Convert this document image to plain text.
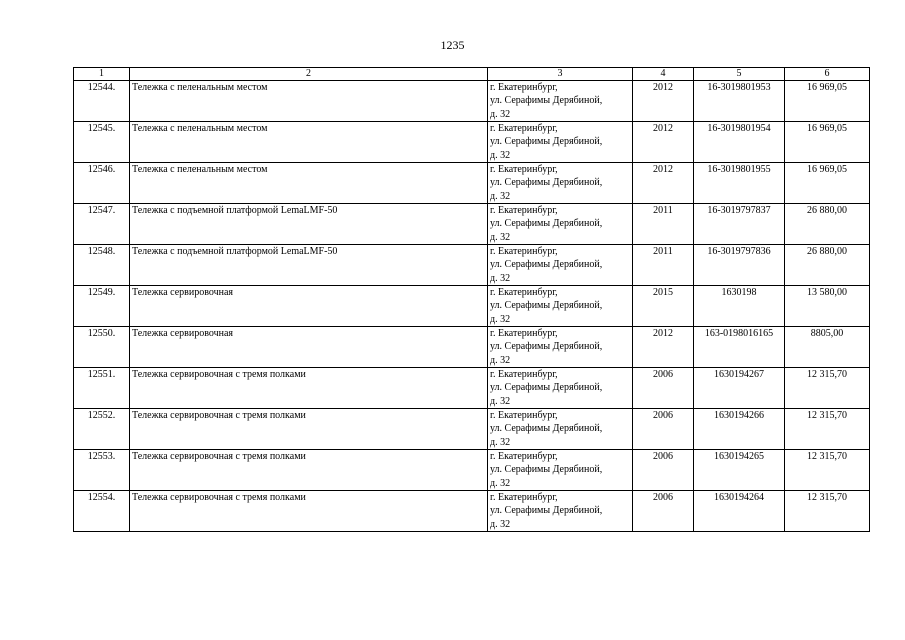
1235
1	2	3	4	5	6
12544.	Тележка с пеленальным местом	г. Екатеринбург,
ул. Серафимы Дерябиной,
д. 32	2012	16-3019801953	16 969,05
12545.	Тележка с пеленальным местом	г. Екатеринбург,
ул. Серафимы Дерябиной,
д. 32	2012	16-3019801954	16 969,05
12546.	Тележка с пеленальным местом	г. Екатеринбург,
ул. Серафимы Дерябиной,
д. 32	2012	16-3019801955	16 969,05
12547.	Тележка с подъемной платформой LemaLMF-50	г. Екатеринбург,
ул. Серафимы Дерябиной,
д. 32	2011	16-3019797837	26 880,00
12548.	Тележка с подъемной платформой LemaLMF-50	г. Екатеринбург,
ул. Серафимы Дерябиной,
д. 32	2011	16-3019797836	26 880,00
12549.	Тележка сервировочная	г. Екатеринбург,
ул. Серафимы Дерябиной,
д. 32	2015	1630198	13 580,00
12550.	Тележка сервировочная	г. Екатеринбург,
ул. Серафимы Дерябиной,
д. 32	2012	163-0198016165	8805,00
12551.	Тележка сервировочная с тремя полками	г. Екатеринбург,
ул. Серафимы Дерябиной,
д. 32	2006	1630194267	12 315,70
12552.	Тележка сервировочная с тремя полками	г. Екатеринбург,
ул. Серафимы Дерябиной,
д. 32	2006	1630194266	12 315,70
12553.	Тележка сервировочная с тремя полками	г. Екатеринбург,
ул. Серафимы Дерябиной,
д. 32	2006	1630194265	12 315,70
12554.	Тележка сервировочная с тремя полками	г. Екатеринбург,
ул. Серафимы Дерябиной,
д. 32	2006	1630194264	12 315,70
